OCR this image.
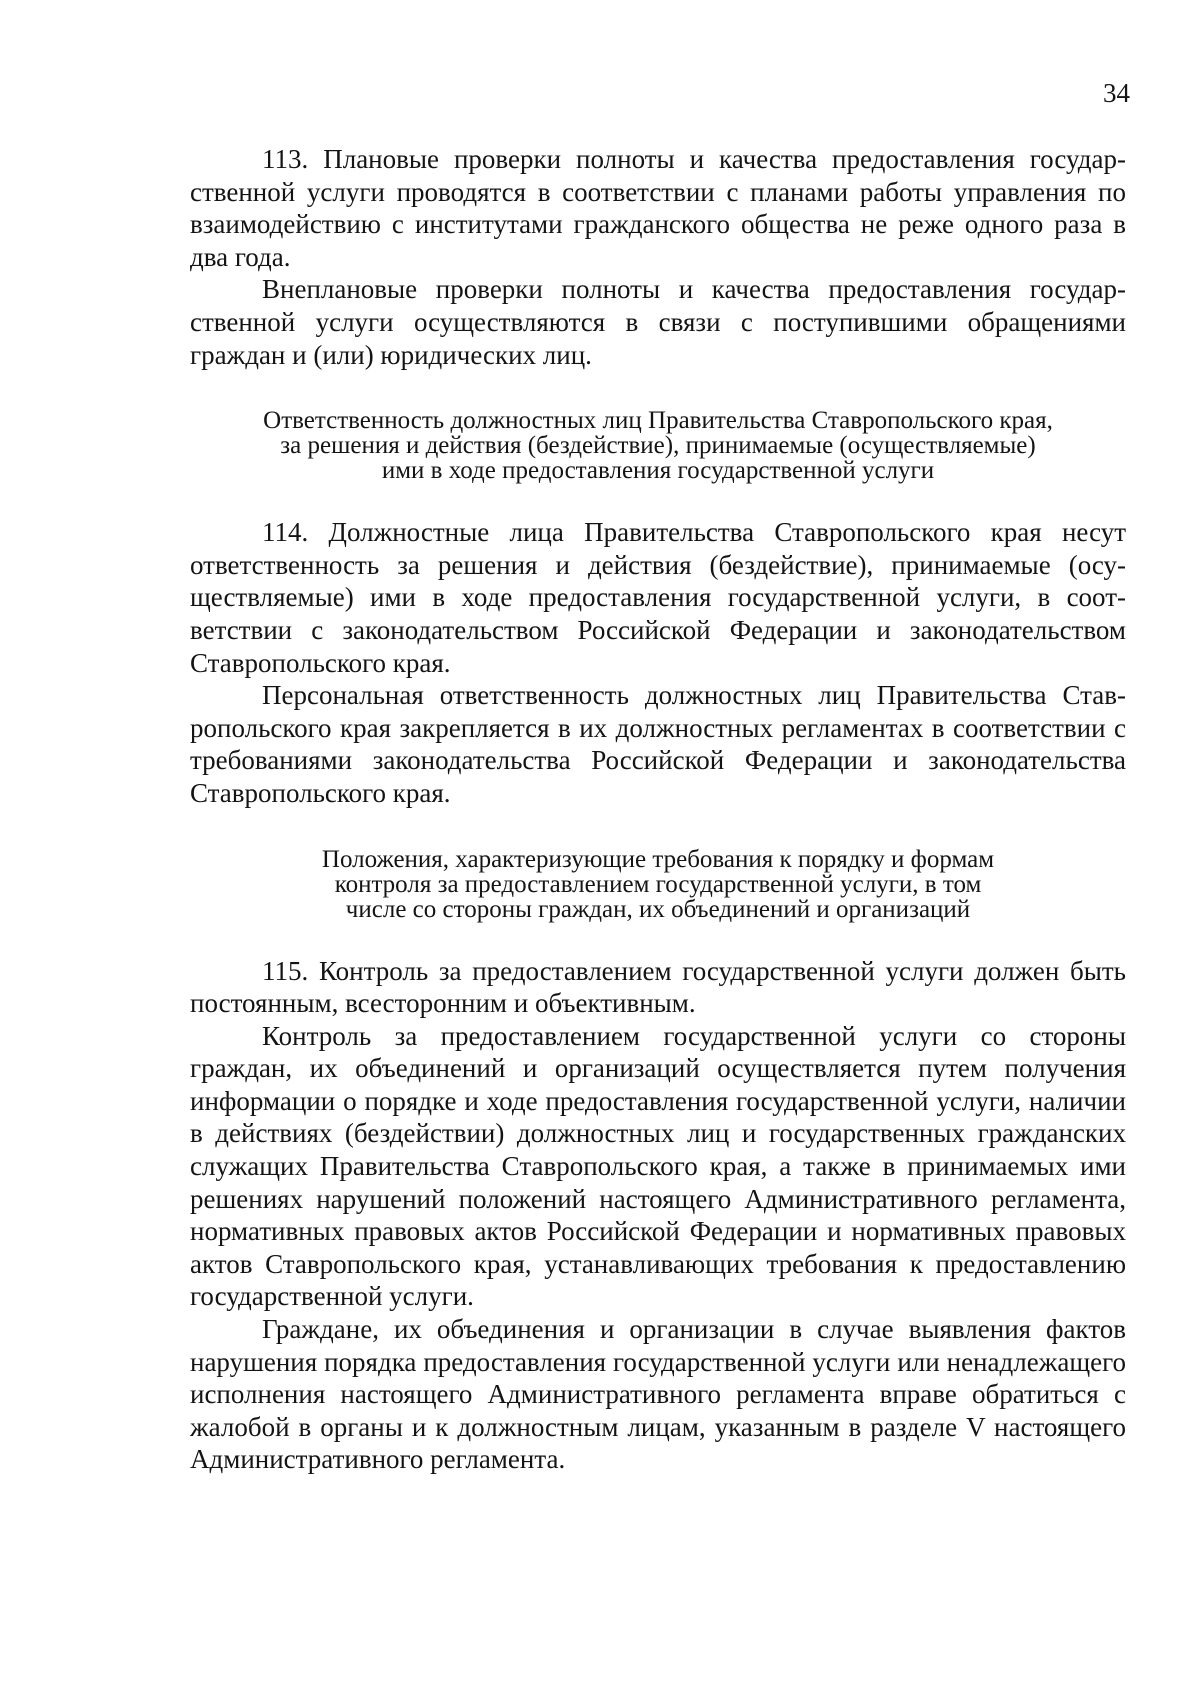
34

113. Плановые проверки полноты и качества предоставления государственной услуги проводятся в соответствии с планами работы управления по взаимодействию с институтами гражданского общества не реже одного раза в два года.

Внеплановые проверки полноты и качества предоставления государственной услуги осуществляются в связи с поступившими обращениями граждан и (или) юридических лиц.

Ответственность должностных лиц Правительства Ставропольского края,
за решения и действия (бездействие), принимаемые (осуществляемые)
ими в ходе предоставления государственной услуги

114. Должностные лица Правительства Ставропольского края несут ответственность за решения и действия (бездействие), принимаемые (осуществляемые) ими в ходе предоставления государственной услуги, в соответствии с законодательством Российской Федерации и законодательством Ставропольского края.

Персональная ответственность должностных лиц Правительства Ставропольского края закрепляется в их должностных регламентах в соответствии с требованиями законодательства Российской Федерации и законодательства Ставропольского края.

Положения, характеризующие требования к порядку и формам
контроля за предоставлением государственной услуги, в том
числе со стороны граждан, их объединений и организаций

115. Контроль за предоставлением государственной услуги должен быть постоянным, всесторонним и объективным.

Контроль за предоставлением государственной услуги со стороны граждан, их объединений и организаций осуществляется путем получения информации о порядке и ходе предоставления государственной услуги, наличии в действиях (бездействии) должностных лиц и государственных гражданских служащих Правительства Ставропольского края, а также в принимаемых ими решениях нарушений положений настоящего Административного регламента, нормативных правовых актов Российской Федерации и нормативных правовых актов Ставропольского края, устанавливающих требования к предоставлению государственной услуги.

Граждане, их объединения и организации в случае выявления фактов нарушения порядка предоставления государственной услуги или ненадлежащего исполнения настоящего Административного регламента вправе обратиться с жалобой в органы и к должностным лицам, указанным в разделе V настоящего Административного регламента.
